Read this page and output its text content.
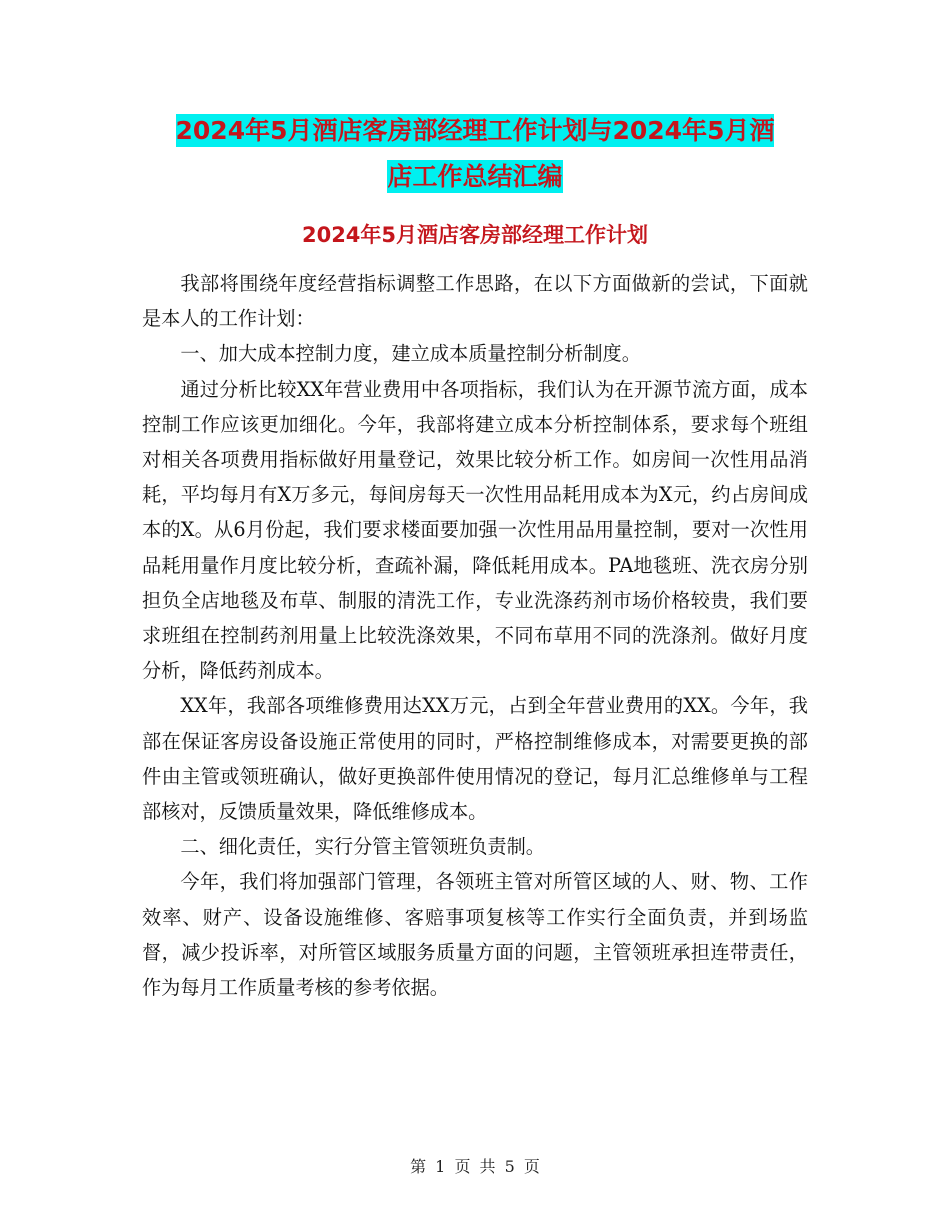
2024年5月酒店客房部经理工作计划与2024年5月酒
店工作总结汇编
2024年5月酒店客房部经理工作计划

我部将围绕年度经营指标调整工作思路，在以下方面做新的尝试，下面就是本人的工作计划：

一、加大成本控制力度，建立成本质量控制分析制度。

通过分析比较XX年营业费用中各项指标，我们认为在开源节流方面，成本控制工作应该更加细化。今年，我部将建立成本分析控制体系，要求每个班组对相关各项费用指标做好用量登记，效果比较分析工作。如房间一次性用品消耗，平均每月有X万多元，每间房每天一次性用品耗用成本为X元，约占房间成本的X。从6月份起，我们要求楼面要加强一次性用品用量控制，要对一次性用品耗用量作月度比较分析，查疏补漏，降低耗用成本。PA地毯班、洗衣房分别担负全店地毯及布草、制服的清洗工作，专业洗涤药剂市场价格较贵，我们要求班组在控制药剂用量上比较洗涤效果，不同布草用不同的洗涤剂。做好月度分析，降低药剂成本。

XX年，我部各项维修费用达XX万元，占到全年营业费用的XX。今年，我部在保证客房设备设施正常使用的同时，严格控制维修成本，对需要更换的部件由主管或领班确认，做好更换部件使用情况的登记，每月汇总维修单与工程部核对，反馈质量效果，降低维修成本。

二、细化责任，实行分管主管领班负责制。

今年，我们将加强部门管理，各领班主管对所管区域的人、财、物、工作效率、财产、设备设施维修、客赔事项复核等工作实行全面负责，并到场监督，减少投诉率，对所管区域服务质量方面的问题，主管领班承担连带责任，作为每月工作质量考核的参考依据。

第 1 页 共 5 页
